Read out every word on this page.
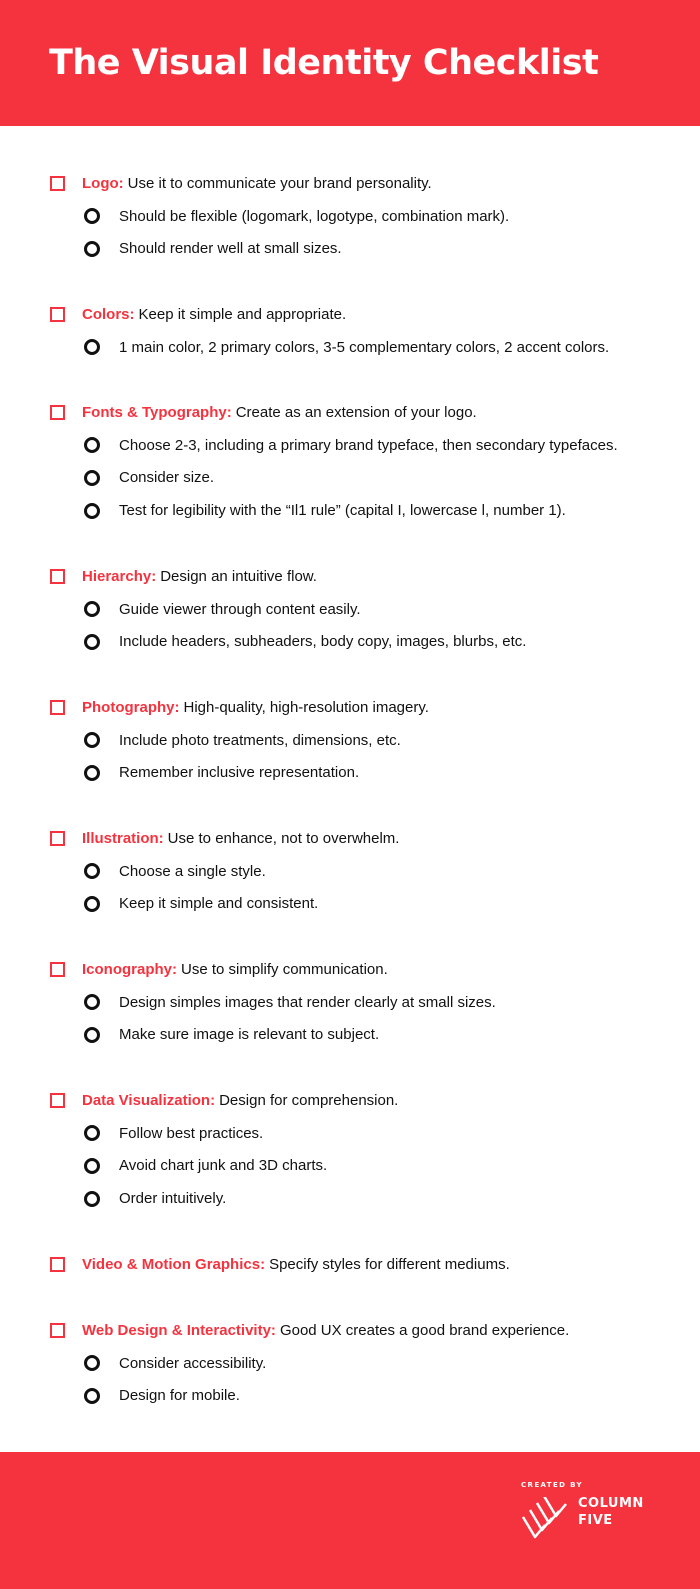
The Visual Identity Checklist
Logo: Use it to communicate your brand personality.
Should be flexible (logomark, logotype, combination mark).
Should render well at small sizes.
Colors: Keep it simple and appropriate.
1 main color, 2 primary colors, 3-5 complementary colors, 2 accent colors.
Fonts & Typography: Create as an extension of your logo.
Choose 2-3, including a primary brand typeface, then secondary typefaces.
Consider size.
Test for legibility with the “Il1 rule” (capital I, lowercase l, number 1).
Hierarchy: Design an intuitive flow.
Guide viewer through content easily.
Include headers, subheaders, body copy, images, blurbs, etc.
Photography: High-quality, high-resolution imagery.
Include photo treatments, dimensions, etc.
Remember inclusive representation.
Illustration: Use to enhance, not to overwhelm.
Choose a single style.
Keep it simple and consistent.
Iconography: Use to simplify communication.
Design simples images that render clearly at small sizes.
Make sure image is relevant to subject.
Data Visualization: Design for comprehension.
Follow best practices.
Avoid chart junk and 3D charts.
Order intuitively.
Video & Motion Graphics: Specify styles for different mediums.
Web Design & Interactivity: Good UX creates a good brand experience.
Consider accessibility.
Design for mobile.
CREATED BY
COLUMN
FIVE
